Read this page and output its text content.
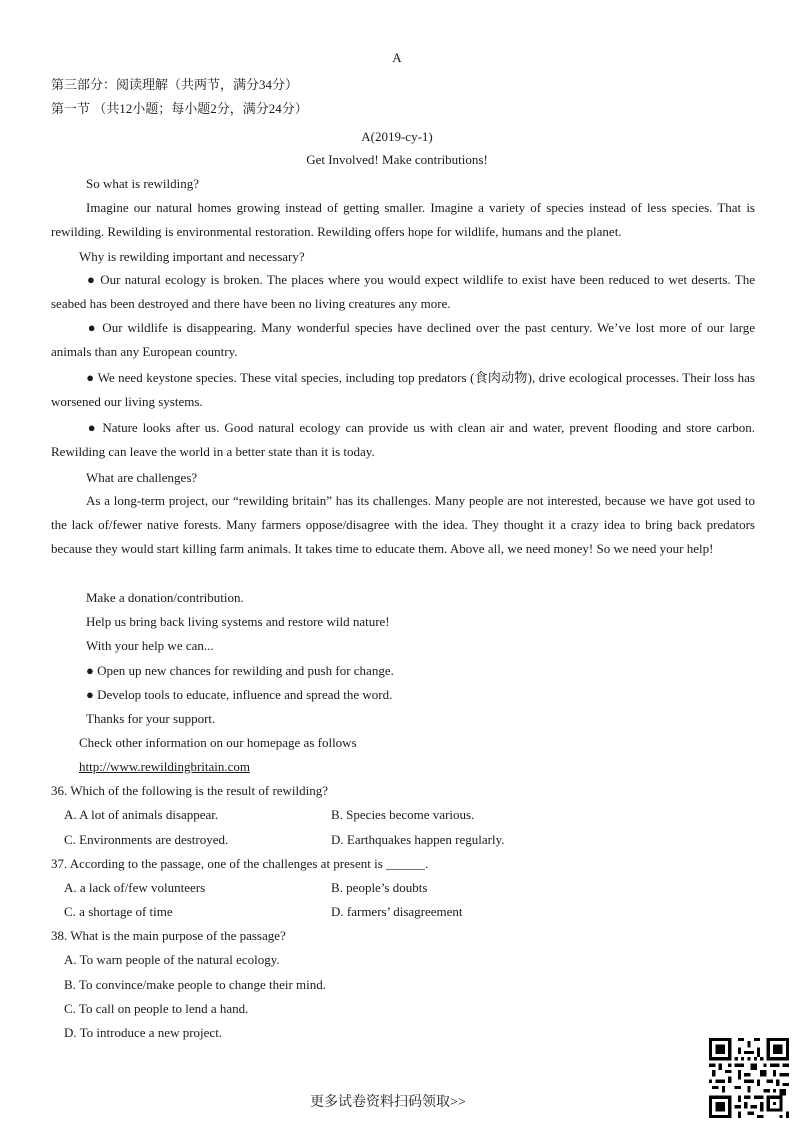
A
第三部分：阅读理解（共两节，满分34分）
第一节 （共12小题；每小题2分，满分24分）
A(2019-cy-1)
Get Involved! Make contributions!
So what is rewilding?
Imagine our natural homes growing instead of getting smaller. Imagine a variety of species instead of less species. That is rewilding. Rewilding is environmental restoration. Rewilding offers hope for wildlife, humans and the planet.
Why is rewilding important and necessary?
● Our natural ecology is broken. The places where you would expect wildlife to exist have been reduced to wet deserts. The seabed has been destroyed and there have been no living creatures any more.
● Our wildlife is disappearing. Many wonderful species have declined over the past century. We’ve lost more of our large animals than any European country.
● We need keystone species. These vital species, including top predators (食肉动物), drive ecological processes. Their loss has worsened our living systems.
● Nature looks after us. Good natural ecology can provide us with clean air and water, prevent flooding and store carbon. Rewilding can leave the world in a better state than it is today.
What are challenges?
As a long-term project, our “rewilding britain” has its challenges. Many people are not interested, because we have got used to the lack of/fewer native forests. Many farmers oppose/disagree with the idea. They thought it a crazy idea to bring back predators because they would start killing farm animals. It takes time to educate them. Above all, we need money! So we need your help!
Make a donation/contribution.
Help us bring back living systems and restore wild nature!
With your help we can...
● Open up new chances for rewilding and push for change.
● Develop tools to educate, influence and spread the word.
Thanks for your support.
Check other information on our homepage as follows
http://www.rewildingbritain.com
36. Which of the following is the result of rewilding?
A. A lot of animals disappear.	B. Species become various.
C. Environments are destroyed.	D. Earthquakes happen regularly.
37. According to the passage, one of the challenges at present is ______.
A. a lack of/few volunteers	B. people’s doubts
C. a shortage of time	D. farmers’ disagreement
38. What is the main purpose of the passage?
A. To warn people of the natural ecology.
B. To convince/make people to change their mind.
C. To call on people to lend a hand.
D. To introduce a new project.
更多试卷资料扫码领取>>
